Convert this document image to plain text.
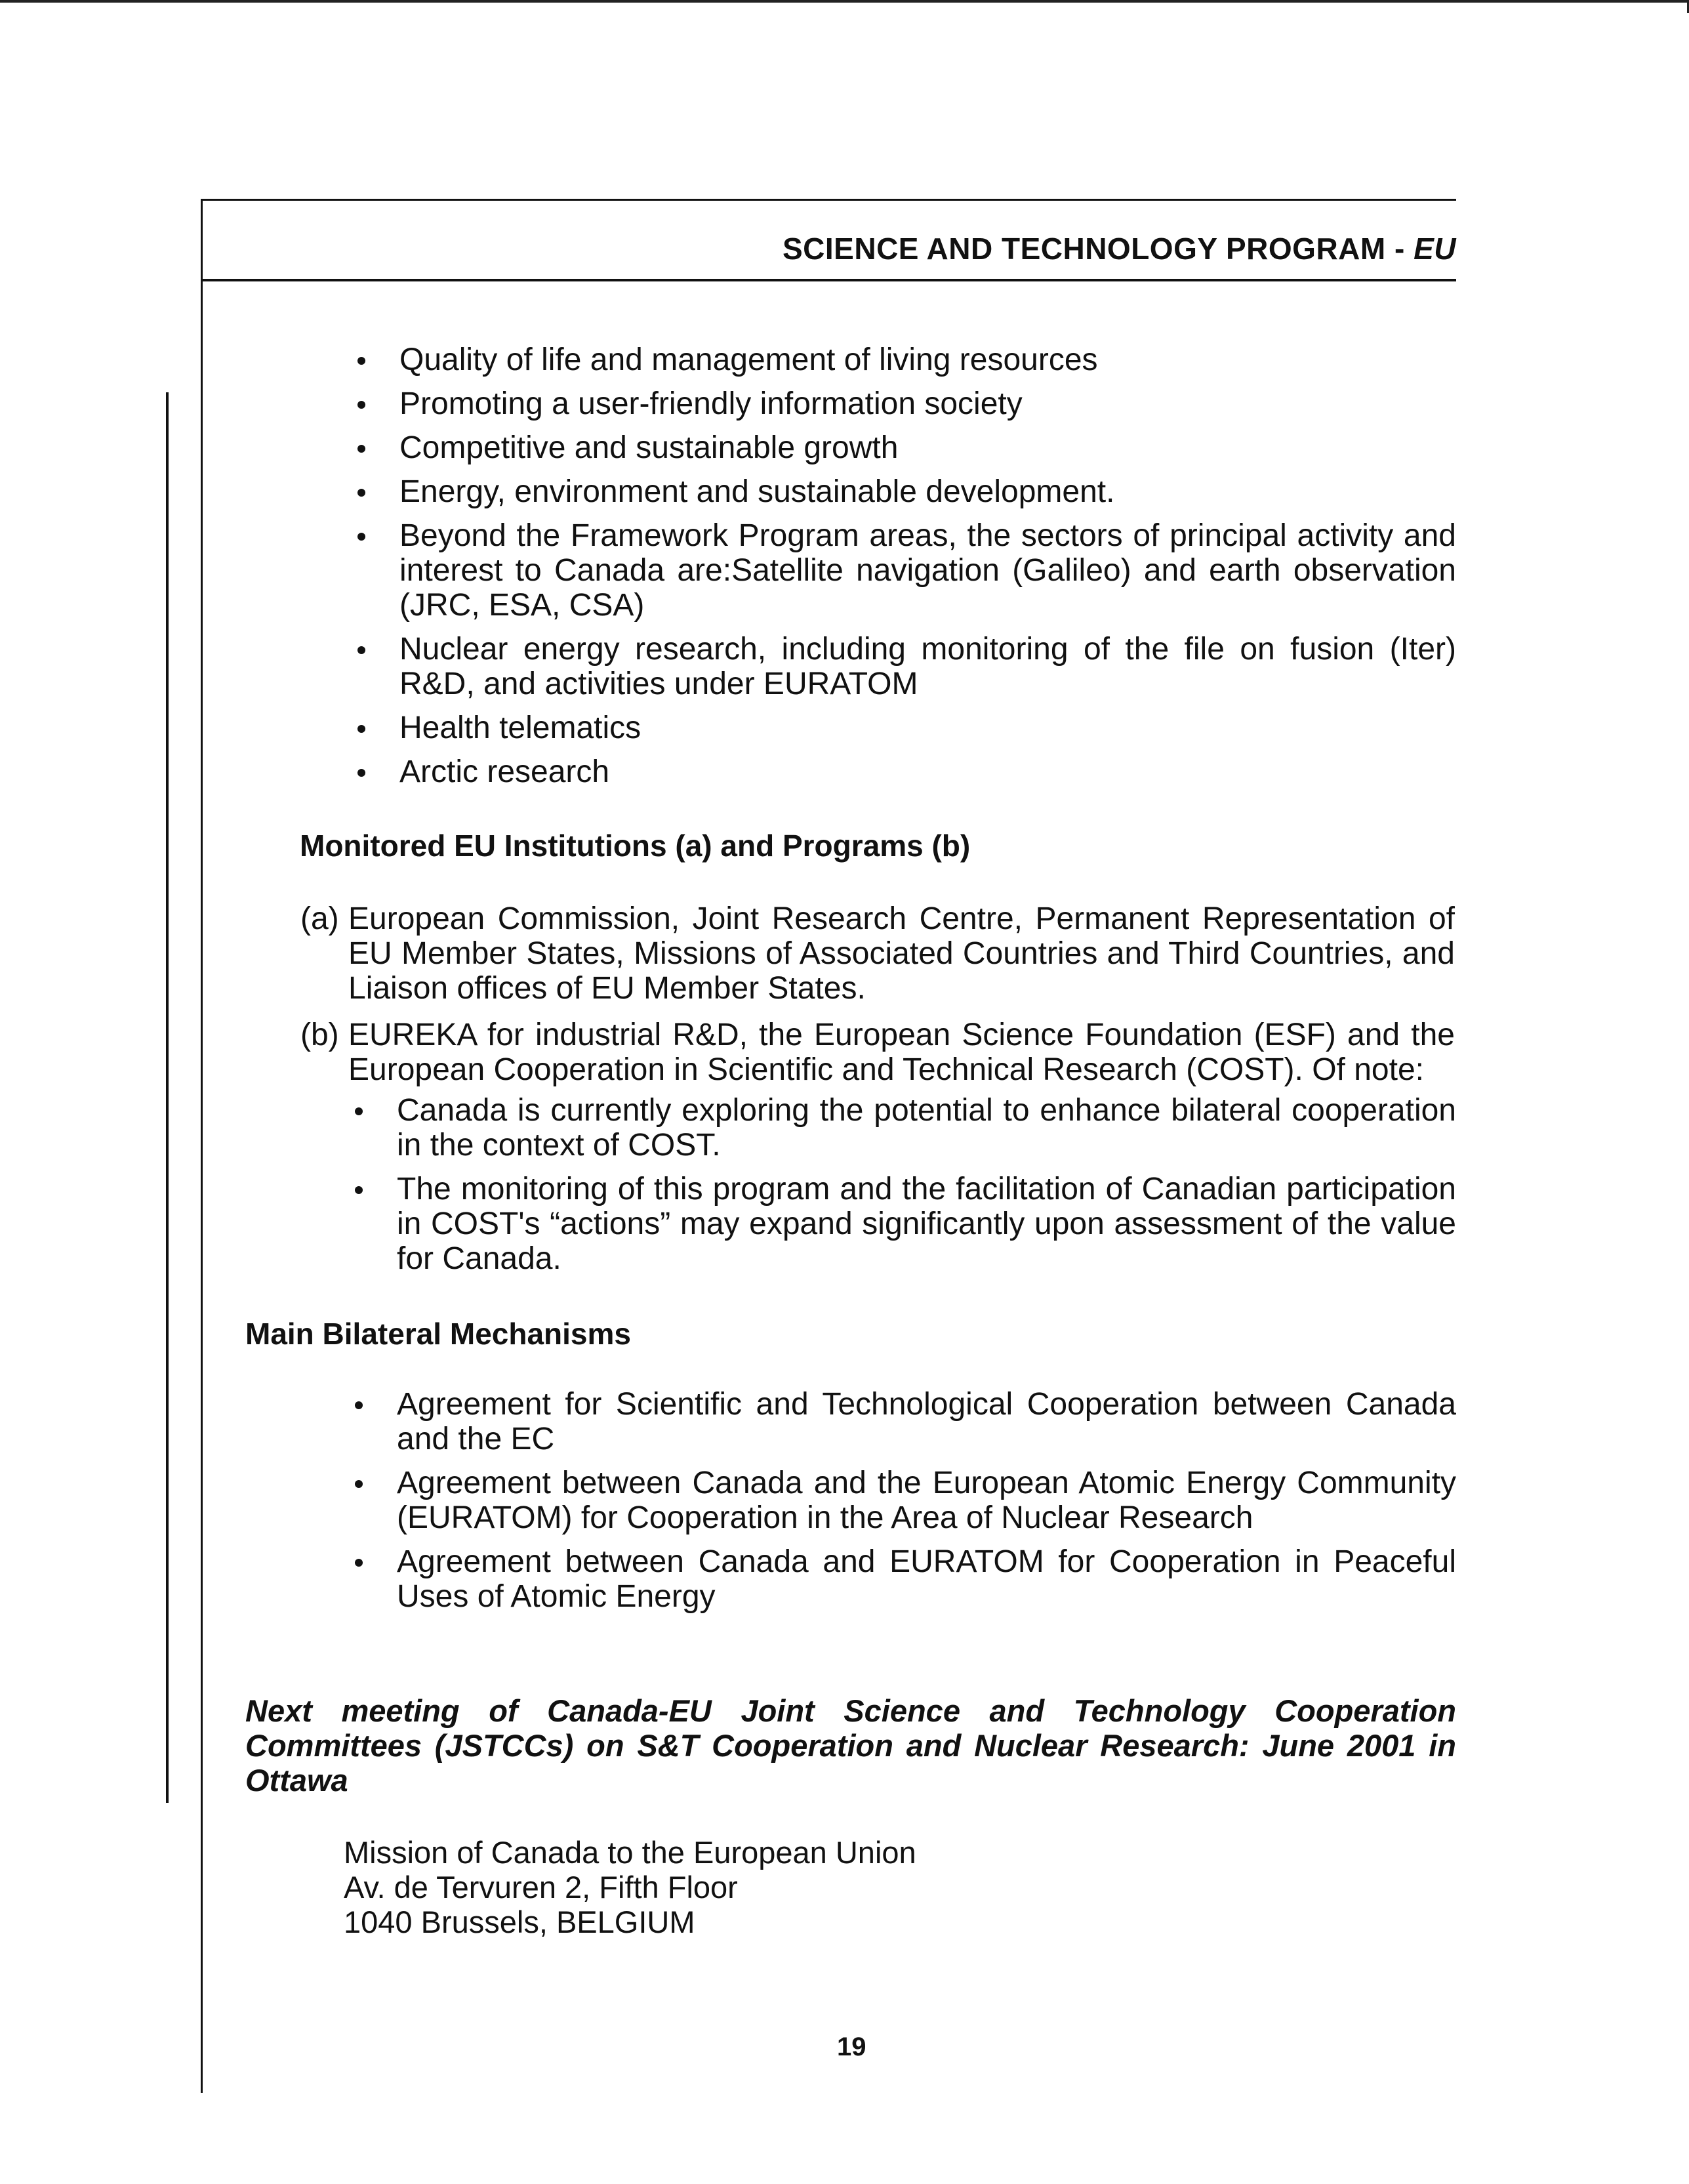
SCIENCE AND TECHNOLOGY PROGRAM - EU
Quality of life and management of living resources
Promoting a user-friendly information society
Competitive and sustainable growth
Energy, environment and sustainable development.
Beyond the Framework Program areas, the sectors of principal activity and interest to Canada are:Satellite navigation (Galileo) and earth observation (JRC, ESA, CSA)
Nuclear energy research, including monitoring of the file on fusion (Iter) R&D, and activities under EURATOM
Health telematics
Arctic research
Monitored EU Institutions (a) and Programs (b)
(a) European Commission, Joint Research Centre, Permanent Representation of EU Member States, Missions of Associated Countries and Third Countries, and Liaison offices of EU Member States.
(b) EUREKA for industrial R&D, the European Science Foundation (ESF) and the European Cooperation in Scientific and Technical Research (COST). Of note:
Canada is currently exploring the potential to enhance bilateral cooperation in the context of COST.
The monitoring of this program and the facilitation of Canadian participation in COST's “actions” may expand significantly upon assessment of the value for Canada.
Main Bilateral Mechanisms
Agreement for Scientific and Technological Cooperation between Canada and the EC
Agreement between Canada and the European Atomic Energy Community (EURATOM) for Cooperation in the Area of Nuclear Research
Agreement between Canada and EURATOM for Cooperation in Peaceful Uses of Atomic Energy
Next meeting of Canada-EU Joint Science and Technology Cooperation Committees (JSTCCs) on S&T Cooperation and Nuclear Research: June 2001 in Ottawa
Mission of Canada to the European Union
Av. de Tervuren 2, Fifth Floor
1040 Brussels, BELGIUM
19
